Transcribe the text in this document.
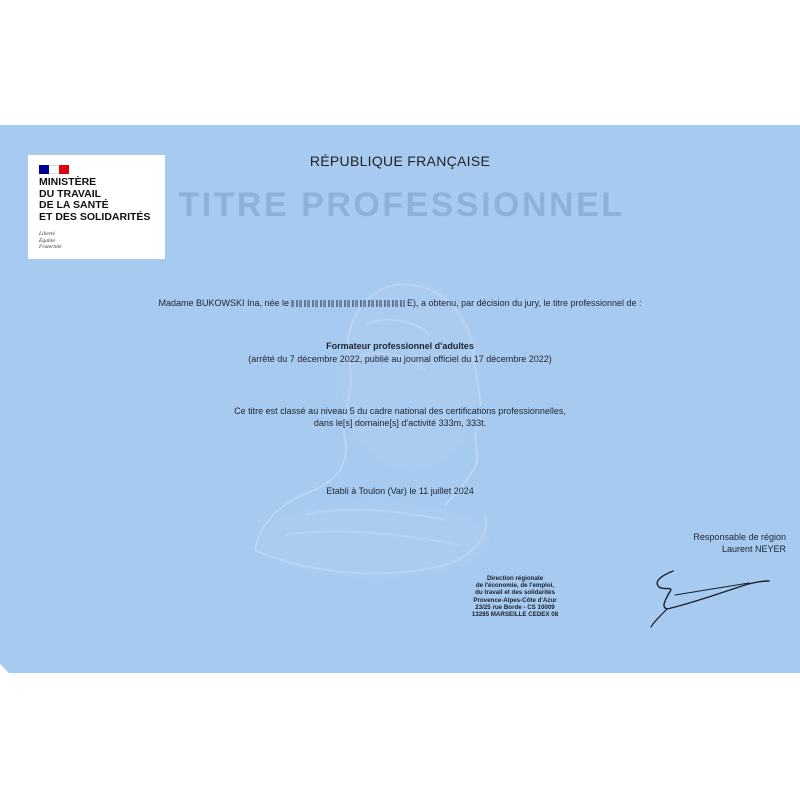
MINISTÈRE
DU TRAVAIL
DE LA SANTÉ
ET DES SOLIDARITÉS

Liberté
Égalité
Fraternité
RÉPUBLIQUE FRANÇAISE
TITRE PROFESSIONNEL
Madame BUKOWSKI Ina, née le	E), a obtenu, par décision du jury, le titre professionnel de :
Formateur professionnel d'adultes
(arrêté du 7 décembre 2022, publié au journal officiel du 17 décembre 2022)
Ce titre est classé au niveau 5 du cadre national des certifications professionnelles,
dans le[s] domaine[s] d'activité 333m, 333t.
Etabli à Toulon (Var) le 11 juillet 2024
Responsable de région
Laurent NEYER
Direction régionale
de l'économie, de l'emploi,
du travail et des solidarités
Provence-Alpes-Côte d'Azur
23/25 rue Borde - CS 10009
13285 MARSEILLE CEDEX 08
